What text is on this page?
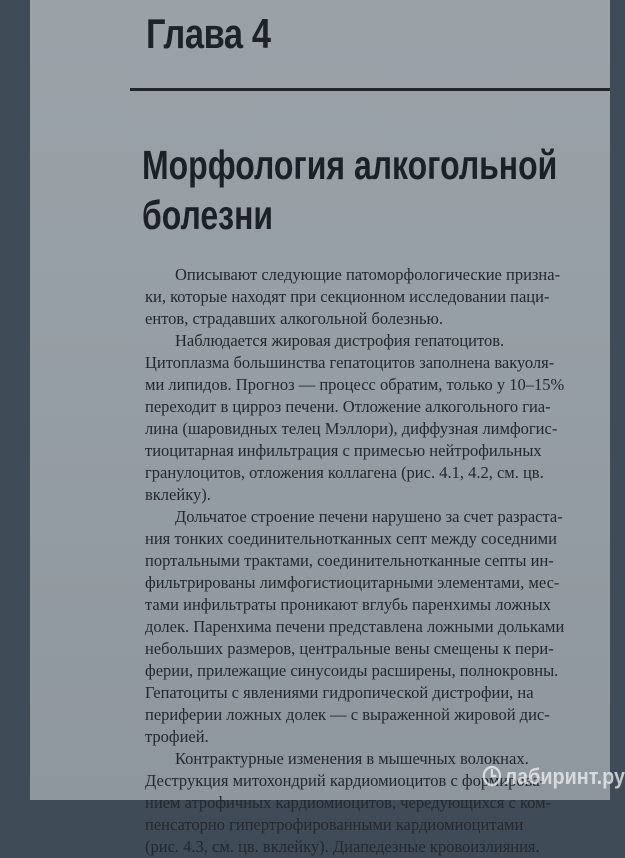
Глава 4
Морфология алкогольной
болезни

Описывают следующие патоморфологические призна-
ки, которые находят при секционном исследовании паци-
ентов, страдавших алкогольной болезнью.

Наблюдается жировая дистрофия гепатоцитов.
Цитоплазма большинства гепатоцитов заполнена вакуоля-
ми липидов. Прогноз — процесс обратим, только у 10–15%
переходит в цирроз печени. Отложение алкогольного гиа-
лина (шаровидных телец Мэллори), диффузная лимфогис-
тиоцитарная инфильтрация с примесью нейтрофильных
гранулоцитов, отложения коллагена (рис. 4.1, 4.2, см. цв.
вклейку).

Дольчатое строение печени нарушено за счет разраста-
ния тонких соединительнотканных септ между соседними
портальными трактами, соединительнотканные септы ин-
фильтрированы лимфогистиоцитарными элементами, мес-
тами инфильтраты проникают вглубь паренхимы ложных
долек. Паренхима печени представлена ложными дольками
небольших размеров, центральные вены смещены к пери-
ферии, прилежащие синусоиды расширены, полнокровны.
Гепатоциты с явлениями гидропической дистрофии, на
периферии ложных долек — с выраженной жировой дис-
трофией.

Контрактурные изменения в мышечных волокнах.
Деструкция митохондрий кардиомиоцитов с формирова-
нием атрофичных кардиомиоцитов, чередующихся с ком-
пенсаторно гипертрофированными кардиомиоцитами
(рис. 4.3, см. цв. вклейку). Диапедезные кровоизлияния.

лабиринт.ру
